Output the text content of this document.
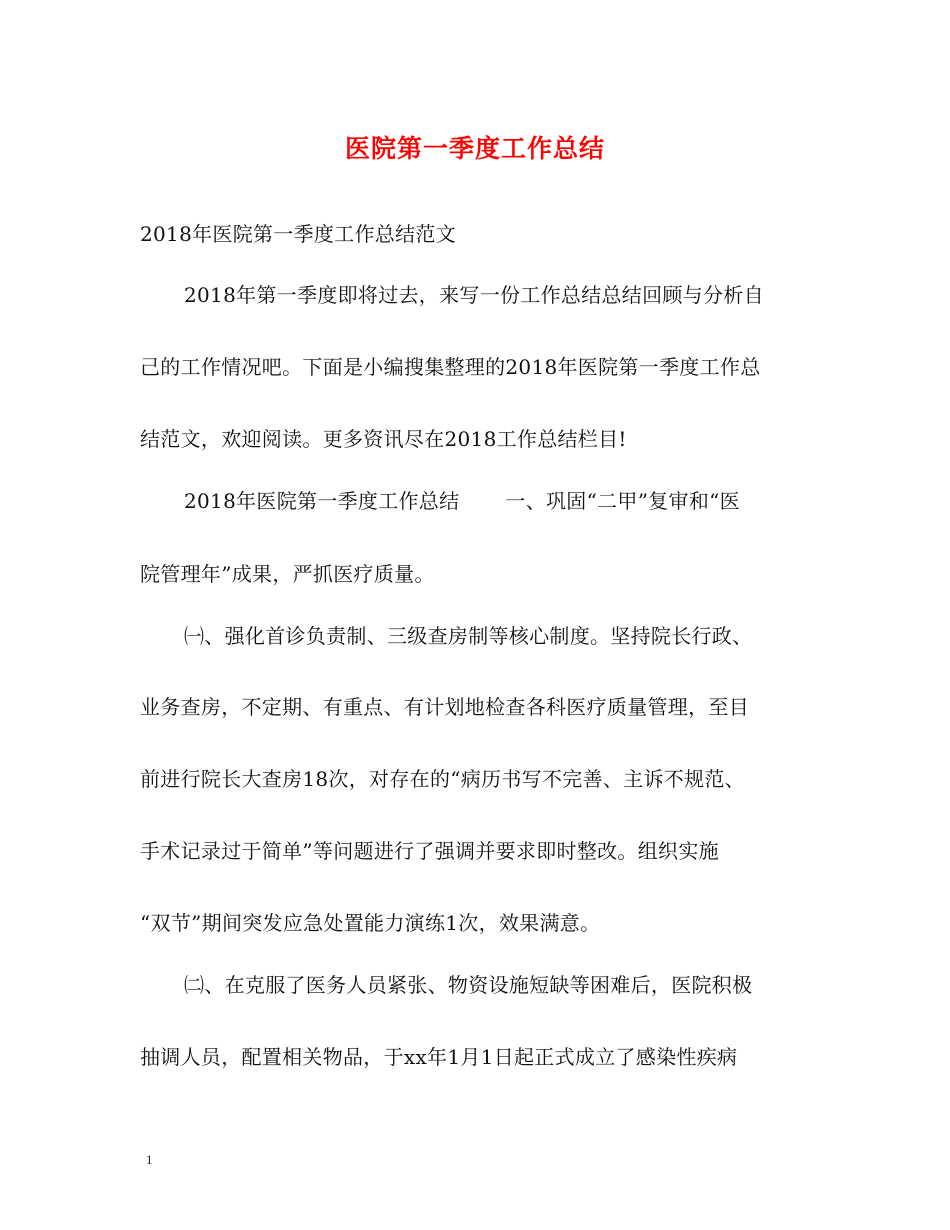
医院第一季度工作总结
2018年医院第一季度工作总结范文
2018年第一季度即将过去，来写一份工作总结总结回顾与分析自
己的工作情况吧。下面是小编搜集整理的2018年医院第一季度工作总
结范文，欢迎阅读。更多资讯尽在2018工作总结栏目!
2018年医院第一季度工作总结 一、巩固“二甲”复审和“医
院管理年”成果，严抓医疗质量。
㈠、强化首诊负责制、三级查房制等核心制度。坚持院长行政、
业务查房，不定期、有重点、有计划地检查各科医疗质量管理，至目
前进行院长大查房18次，对存在的“病历书写不完善、主诉不规范、
手术记录过于简单”等问题进行了强调并要求即时整改。组织实施
“双节”期间突发应急处置能力演练1次，效果满意。
㈡、在克服了医务人员紧张、物资设施短缺等困难后，医院积极
抽调人员，配置相关物品，于xx年1月1日起正式成立了感染性疾病
1
